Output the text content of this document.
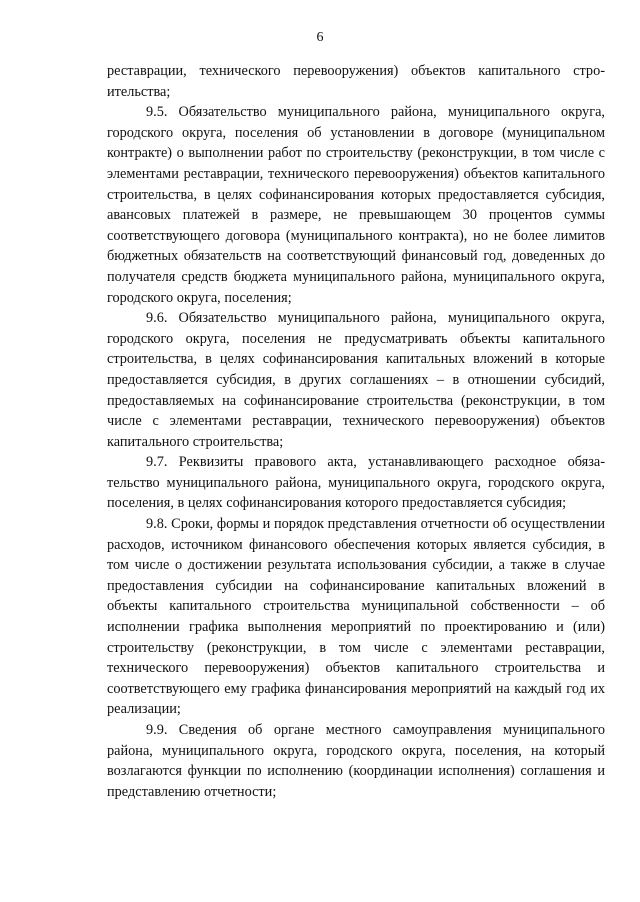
6

реставрации, технического перевооружения) объектов капитального строительства;

9.5. Обязательство муниципального района, муниципального округа, городского округа, поселения об установлении в договоре (муниципальном контракте) о выполнении работ по строительству (реконструкции, в том числе с элементами реставрации, технического перевооружения) объектов капитального строительства, в целях софинансирования которых предоставляется субсидия, авансовых платежей в размере, не превышающем 30 процентов суммы соответствующего договора (муниципального контракта), но не более лимитов бюджетных обязательств на соответствующий финансовый год, доведенных до получателя средств бюджета муниципального района, муниципального округа, городского округа, поселения;

9.6. Обязательство муниципального района, муниципального округа, городского округа, поселения не предусматривать объекты капитального строительства, в целях софинансирования капитальных вложений в которые предоставляется субсидия, в других соглашениях – в отношении субсидий, предоставляемых на софинансирование строительства (реконструкции, в том числе с элементами реставрации, технического перевооружения) объектов капитального строительства;

9.7. Реквизиты правового акта, устанавливающего расходное обязательство муниципального района, муниципального округа, городского округа, поселения, в целях софинансирования которого предоставляется субсидия;

9.8. Сроки, формы и порядок представления отчетности об осуществлении расходов, источником финансового обеспечения которых является субсидия, в том числе о достижении результата использования субсидии, а также в случае предоставления субсидии на софинансирование капитальных вложений в объекты капитального строительства муниципальной собственности – об исполнении графика выполнения мероприятий по проектированию и (или) строительству (реконструкции, в том числе с элементами реставрации, технического перевооружения) объектов капитального строительства и соответствующего ему графика финансирования мероприятий на каждый год их реализации;

9.9. Сведения об органе местного самоуправления муниципального района, муниципального округа, городского округа, поселения, на который возлагаются функции по исполнению (координации исполнения) соглашения и представлению отчетности;
